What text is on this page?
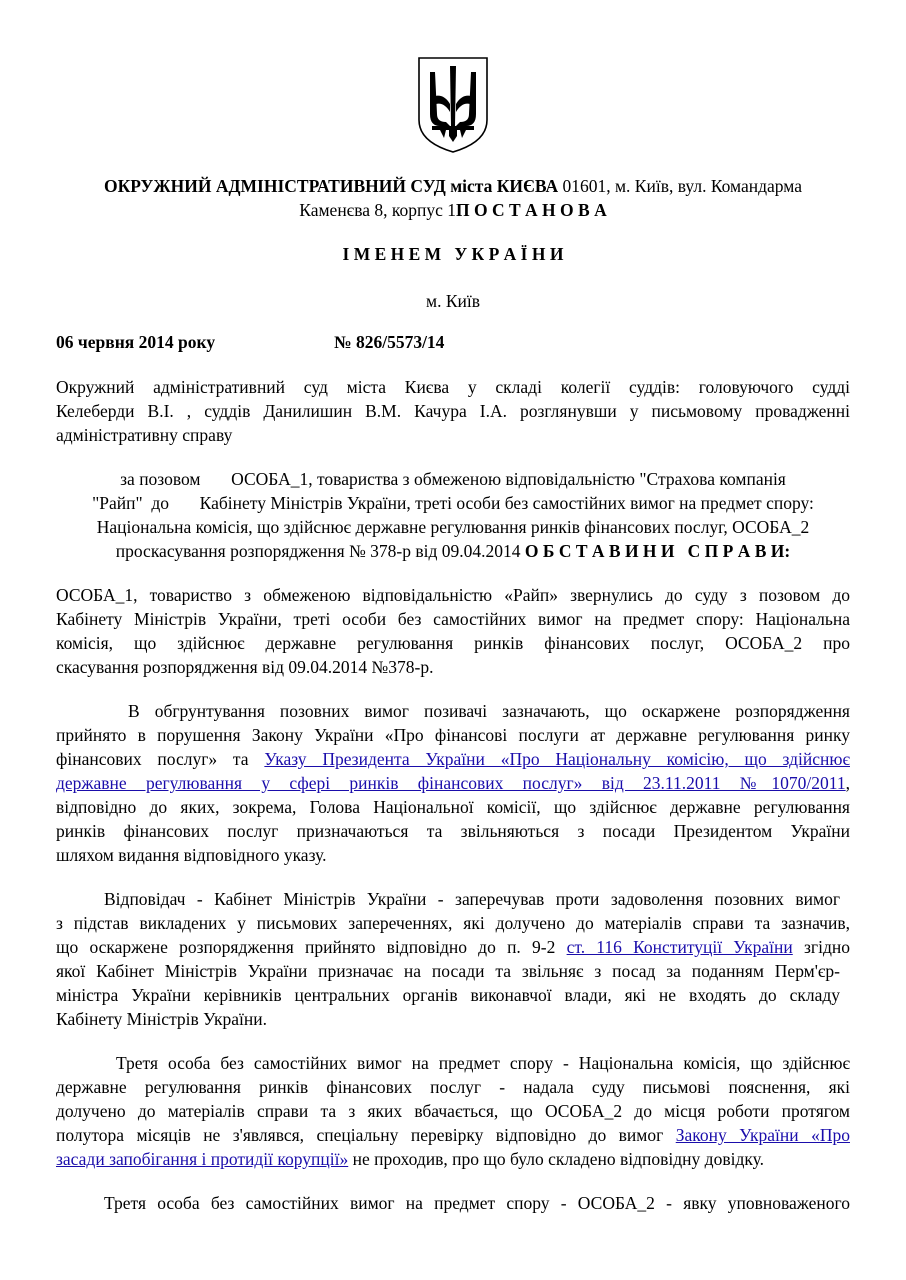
ОКРУЖНИЙ АДМІНІСТРАТИВНИЙ СУД міста КИЄВА 01601, м. Київ, вул. Командарма
Каменєва 8, корпус 1П О С Т А Н О В А
І М Е Н Е М   У К Р А Ї Н И
м. Київ
06 червня 2014 року	№ 826/5573/14
Окружний адміністративний суд міста Києва у складі колегії суддів: головуючого судді
Келеберди В.І. , суддів Данилишин В.М. Качура І.А. розглянувши у письмовому провадженні
адміністративну справу
за позовом       ОСОБА_1, товариства з обмеженою відповідальністю "Страхова компанія
"Райп"  до       Кабінету Міністрів України, треті особи без самостійних вимог на предмет спору:
Національна комісія, що здійснює державне регулювання ринків фінансових послуг, ОСОБА_2
проскасування розпорядження № 378-р від 09.04.2014 О Б С Т А В И Н И   С П Р А В И:
ОСОБА_1, товариство з обмеженою відповідальністю «Райп» звернулись до суду з позовом до
Кабінету Міністрів України, треті особи без самостійних вимог на предмет спору: Національна
комісія, що здійснює державне регулювання ринків фінансових послуг, ОСОБА_2 про
скасування розпорядження від 09.04.2014 №378-р.
В обгрунтування позовних вимог позивачі зазначають, що оскаржене розпорядження
прийнято в порушення Закону України «Про фінансові послуги ат державне регулювання ринку
фінансових послуг» та Указу Президента України «Про Національну комісію, що здійснює
державне регулювання у сфері ринків фінансових послуг» від 23.11.2011 №1070/2011,
відповідно до яких, зокрема, Голова Національної комісії, що здійснює державне регулювання
ринків фінансових послуг призначаються та звільняються з посади Президентом України
шляхом видання відповідного указу.
Відповідач - Кабінет Міністрів України - заперечував проти задоволення позовних вимог
з підстав викладених у письмових запереченнях, які долучено до матеріалів справи та зазначив,
що оскаржене розпорядження прийнято відповідно до п. 9-2 ст. 116 Конституції України згідно
якої Кабінет Міністрів України призначає на посади та звільняє з посад за поданням Перм'єр-
міністра України керівників центральних органів виконавчої влади, які не входять до складу
Кабінету Міністрів України.
Третя особа без самостійних вимог на предмет спору - Національна комісія, що здійснює
державне регулювання ринків фінансових послуг - надала суду письмові пояснення, які
долучено до матеріалів справи та з яких вбачається, що ОСОБА_2 до місця роботи протягом
полутора місяців не з'являвся, спеціальну перевірку відповідно до вимог Закону України «Про
засади запобігання і протидії корупції» не проходив, про що було складено відповідну довідку.
Третя особа без самостійних вимог на предмет спору - ОСОБА_2 - явку уповноваженого
